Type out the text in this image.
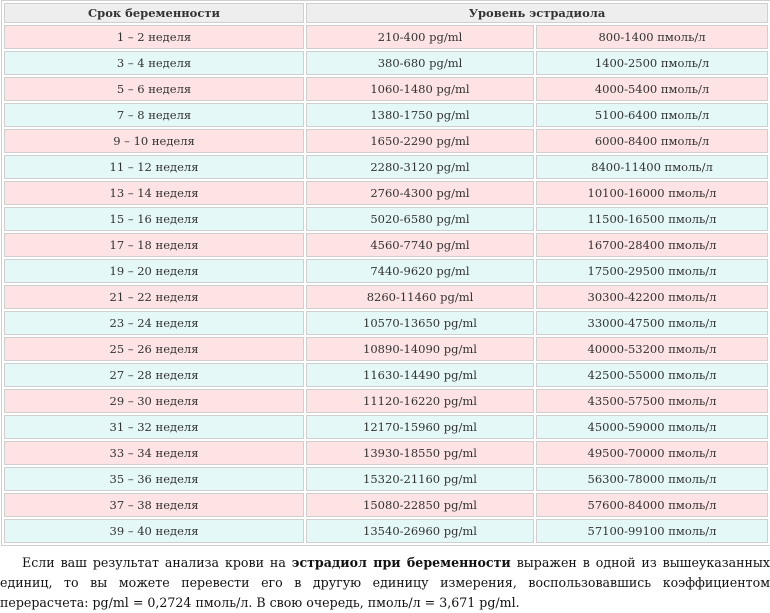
Срок беременности	Уровень эстрадиола	
1 – 2 неделя	210-400 pg/ml	800-1400 пмоль/л
3 – 4 неделя	380-680 pg/ml	1400-2500 пмоль/л
5 – 6 неделя	1060-1480 pg/ml	4000-5400 пмоль/л
7 – 8 неделя	1380-1750 pg/ml	5100-6400 пмоль/л
9 – 10 неделя	1650-2290 pg/ml	6000-8400 пмоль/л
11 – 12 неделя	2280-3120 pg/ml	8400-11400 пмоль/л
13 – 14 неделя	2760-4300 pg/ml	10100-16000 пмоль/л
15 – 16 неделя	5020-6580 pg/ml	11500-16500 пмоль/л
17 – 18 неделя	4560-7740 pg/ml	16700-28400 пмоль/л
19 – 20 неделя	7440-9620 pg/ml	17500-29500 пмоль/л
21 – 22 неделя	8260-11460 pg/ml	30300-42200 пмоль/л
23 – 24 неделя	10570-13650 pg/ml	33000-47500 пмоль/л
25 – 26 неделя	10890-14090 pg/ml	40000-53200 пмоль/л
27 – 28 неделя	11630-14490 pg/ml	42500-55000 пмоль/л
29 – 30 неделя	11120-16220 pg/ml	43500-57500 пмоль/л
31 – 32 неделя	12170-15960 pg/ml	45000-59000 пмоль/л
33 – 34 неделя	13930-18550 pg/ml	49500-70000 пмоль/л
35 – 36 неделя	15320-21160 pg/ml	56300-78000 пмоль/л
37 – 38 неделя	15080-22850 pg/ml	57600-84000 пмоль/л
39 – 40 неделя	13540-26960 pg/ml	57100-99100 пмоль/л

Если ваш результат анализа крови на эстрадиол при беременности выражен в одной из вышеуказанных единиц, то вы можете перевести его в другую единицу измерения, воспользовавшись коэффициентом перерасчета: pg/ml = 0,2724 пмоль/л. В свою очередь, пмоль/л = 3,671 pg/ml.
